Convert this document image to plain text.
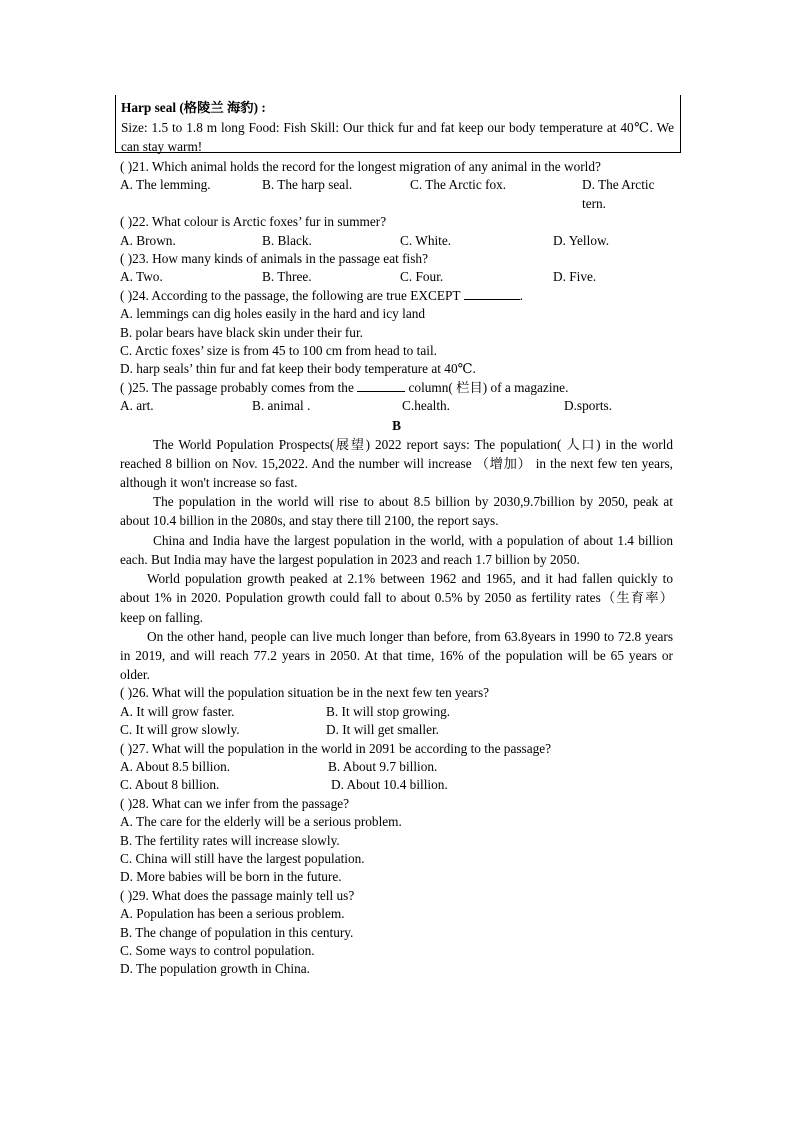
Harp seal (格陵兰 海豹) :
Size: 1.5 to 1.8 m long Food: Fish Skill: Our thick fur and fat keep our body temperature at 40℃. We can stay warm!
( )21. Which animal holds the record for the longest migration of any animal in the world?
A. The lemming.	B. The harp seal.	C. The Arctic fox.	D. The Arctic tern.
( )22. What colour is Arctic foxes’ fur in summer?
A. Brown.	B. Black.	C. White.	D. Yellow.
( )23. How many kinds of animals in the passage eat fish?
A. Two.	B. Three.	C. Four.	D. Five.
( )24. According to the passage, the following are true EXCEPT	.
A. lemmings can dig holes easily in the hard and icy land
B. polar bears have black skin under their fur.
C. Arctic foxes’ size is from 45 to 100 cm from head to tail.
D. harp seals’ thin fur and fat keep their body temperature at 40℃.
( )25. The passage probably comes from the	column( 栏目) of a magazine.
A. art.	B. animal .	C.health.	D.sports.
B
The World Population Prospects(展望) 2022 report says: The population( 人口) in the world reached 8 billion on Nov. 15,2022. And the number will increase （增加） in the next few ten years, although it won't increase so fast.
The population in the world will rise to about 8.5 billion by 2030,9.7billion by 2050, peak at about 10.4 billion in the 2080s, and stay there till 2100, the report says.
China and India have the largest population in the world, with a population of about 1.4 billion each. But India may have the largest population in 2023 and reach 1.7 billion by 2050.
World population growth peaked at 2.1% between 1962 and 1965, and it had fallen quickly to about 1% in 2020. Population growth could fall to about 0.5% by 2050 as fertility rates（生育率）keep on falling.
On the other hand, people can live much longer than before, from 63.8years in 1990 to 72.8 years in 2019, and will reach 77.2 years in 2050. At that time, 16% of the population will be 65 years or older.
( )26. What will the population situation be in the next few ten years?
A. It will grow faster.	B. It will stop growing.
C. It will grow slowly.	D. It will get smaller.
( )27. What will the population in the world in 2091 be according to the passage?
A. About 8.5 billion.	B. About 9.7 billion.
C. About 8 billion.	D. About 10.4 billion.
( )28. What can we infer from the passage?
A. The care for the elderly will be a serious problem.
B. The fertility rates will increase slowly.
C. China will still have the largest population.
D. More babies will be born in the future.
( )29. What does the passage mainly tell us?
A. Population has been a serious problem.
B. The change of population in this century.
C. Some ways to control population.
D. The population growth in China.
